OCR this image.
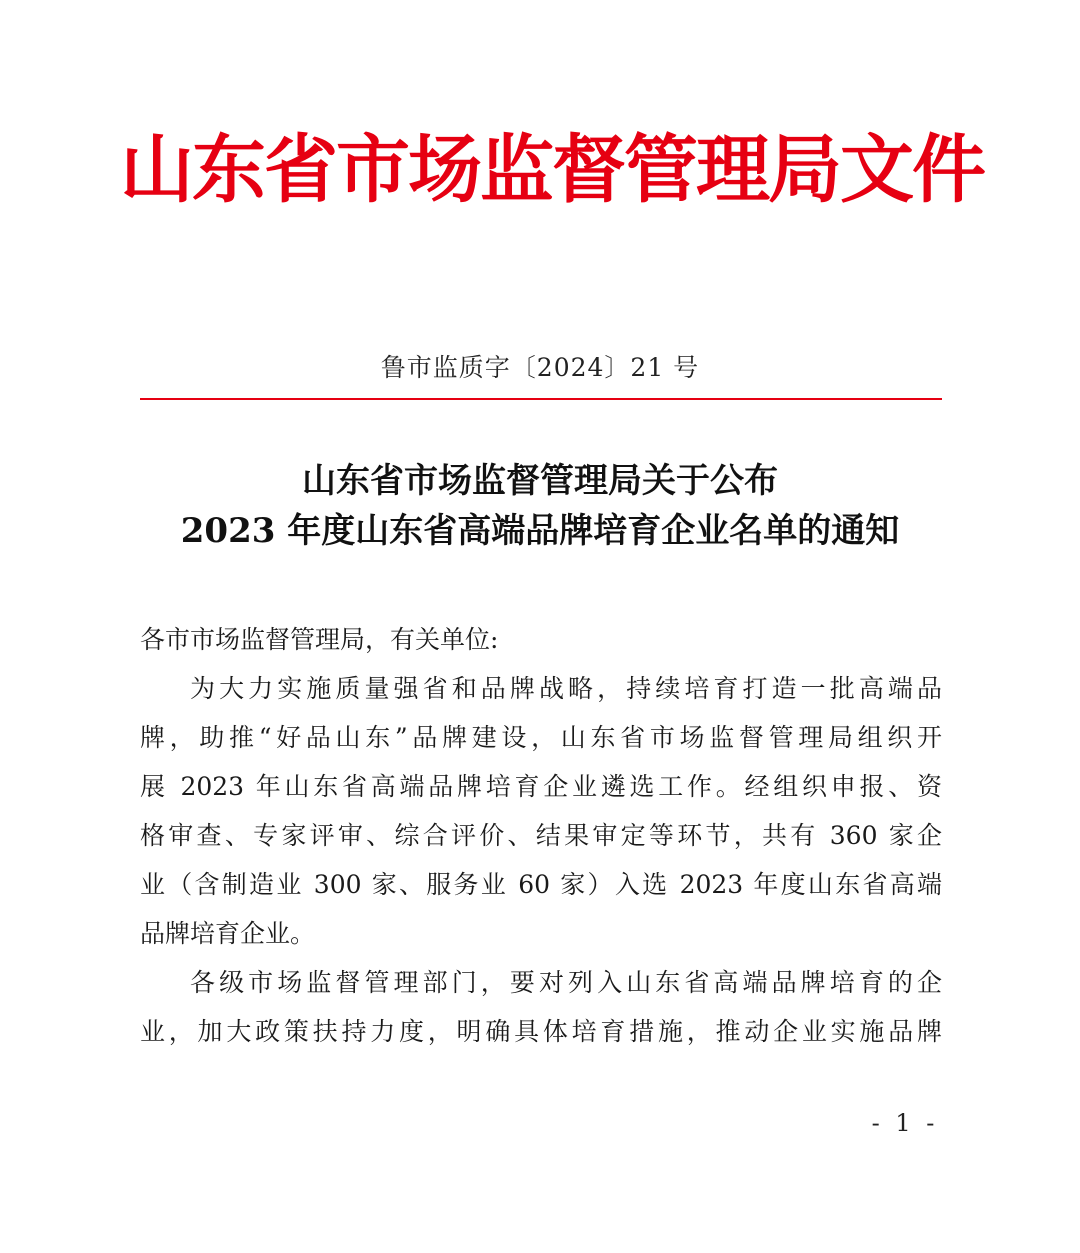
山东省市场监督管理局文件
鲁市监质字〔2024〕21 号
山东省市场监督管理局关于公布
2023 年度山东省高端品牌培育企业名单的通知
各市市场监督管理局，有关单位:
为大力实施质量强省和品牌战略，持续培育打造一批高端品
牌，助推“好品山东”品牌建设，山东省市场监督管理局组织开
展 2023 年山东省高端品牌培育企业遴选工作。经组织申报、资
格审查、专家评审、综合评价、结果审定等环节，共有 360 家企
业（含制造业 300 家、服务业 60 家）入选 2023 年度山东省高端
品牌培育企业。
各级市场监督管理部门，要对列入山东省高端品牌培育的企
业，加大政策扶持力度，明确具体培育措施，推动企业实施品牌
- 1 -
